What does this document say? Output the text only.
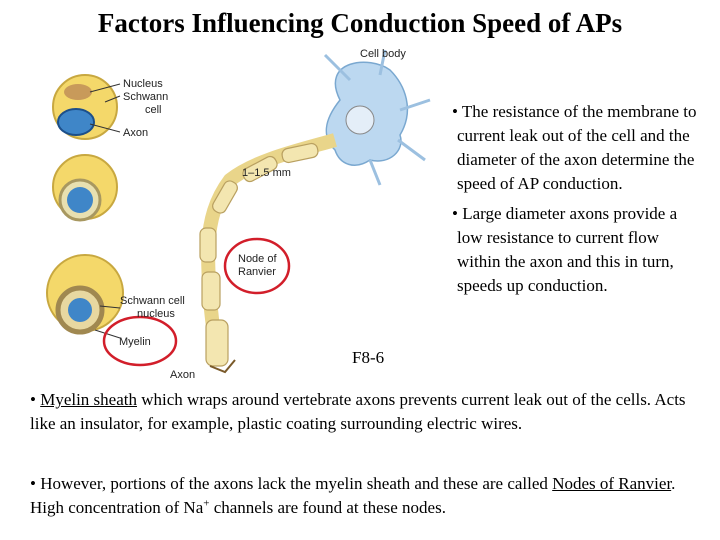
Factors Influencing Conduction Speed of APs
Nucleus
Schwann
cell
Axon
Cell body
1–1.5 mm
Node of
Ranvier
Schwann cell
nucleus
Myelin
Axon
F8-6

• The resistance of the membrane to current leak out of the cell and the diameter of the axon determine the speed of AP conduction.

• Large diameter axons provide a low resistance to current flow within the axon and this in turn, speeds up conduction.

• Myelin sheath which wraps around vertebrate axons prevents current leak out of the cells. Acts like an insulator, for example, plastic coating surrounding electric wires.
• However, portions of the axons lack the myelin sheath and these are called Nodes of Ranvier. High concentration of Na+ channels are found at these nodes.
